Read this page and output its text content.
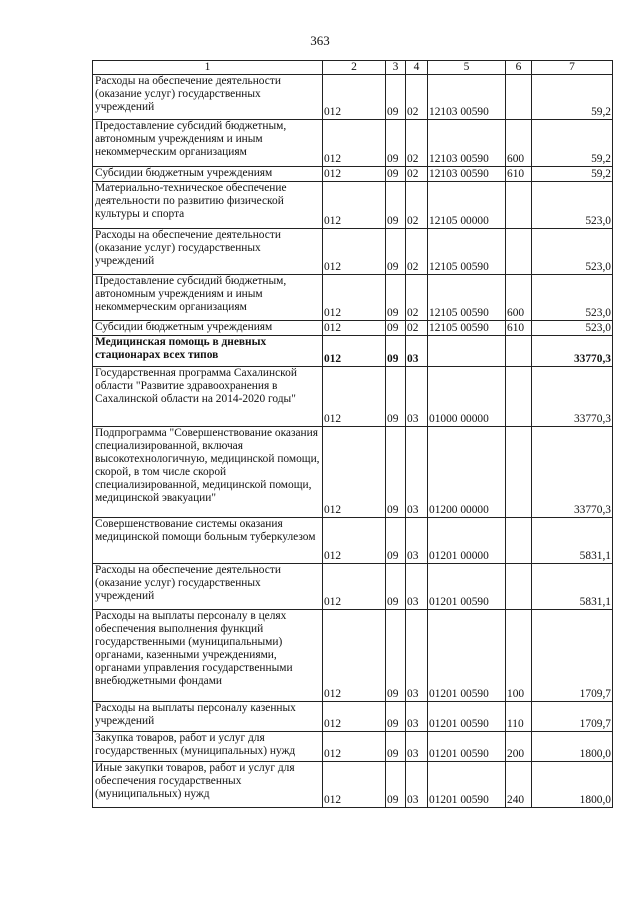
363
1	2	3	4	5	6	7
Расходы на обеспечение деятельности (оказание услуг) государственных учреждений	012	09	02	12103 00590		59,2
Предоставление субсидий бюджетным, автономным учреждениям и иным некоммерческим организациям	012	09	02	12103 00590	600	59,2
Субсидии бюджетным учреждениям	012	09	02	12103 00590	610	59,2
Материально-техническое обеспечение деятельности по развитию физической культуры и спорта	012	09	02	12105 00000		523,0
Расходы на обеспечение деятельности (оказание услуг) государственных учреждений	012	09	02	12105 00590		523,0
Предоставление субсидий бюджетным, автономным учреждениям и иным некоммерческим организациям	012	09	02	12105 00590	600	523,0
Субсидии бюджетным учреждениям	012	09	02	12105 00590	610	523,0
Медицинская помощь в дневных стационарах всех типов	012	09	03			33770,3
Государственная программа Сахалинской области "Развитие здравоохранения в Сахалинской области на 2014-2020 годы"	012	09	03	01000 00000		33770,3
Подпрограмма "Совершенствование оказания специализированной, включая высокотехнологичную, медицинской помощи, скорой, в том числе скорой специализированной, медицинской помощи, медицинской эвакуации"	012	09	03	01200 00000		33770,3
Совершенствование системы оказания медицинской помощи больным туберкулезом	012	09	03	01201 00000		5831,1
Расходы на обеспечение деятельности (оказание услуг) государственных учреждений	012	09	03	01201 00590		5831,1
Расходы на выплаты персоналу в целях обеспечения выполнения функций государственными (муниципальными) органами, казенными учреждениями, органами управления государственными внебюджетными фондами	012	09	03	01201 00590	100	1709,7
Расходы на выплаты персоналу казенных учреждений	012	09	03	01201 00590	110	1709,7
Закупка товаров, работ и услуг для государственных (муниципальных) нужд	012	09	03	01201 00590	200	1800,0
Иные закупки товаров, работ и услуг для обеспечения государственных (муниципальных) нужд	012	09	03	01201 00590	240	1800,0
